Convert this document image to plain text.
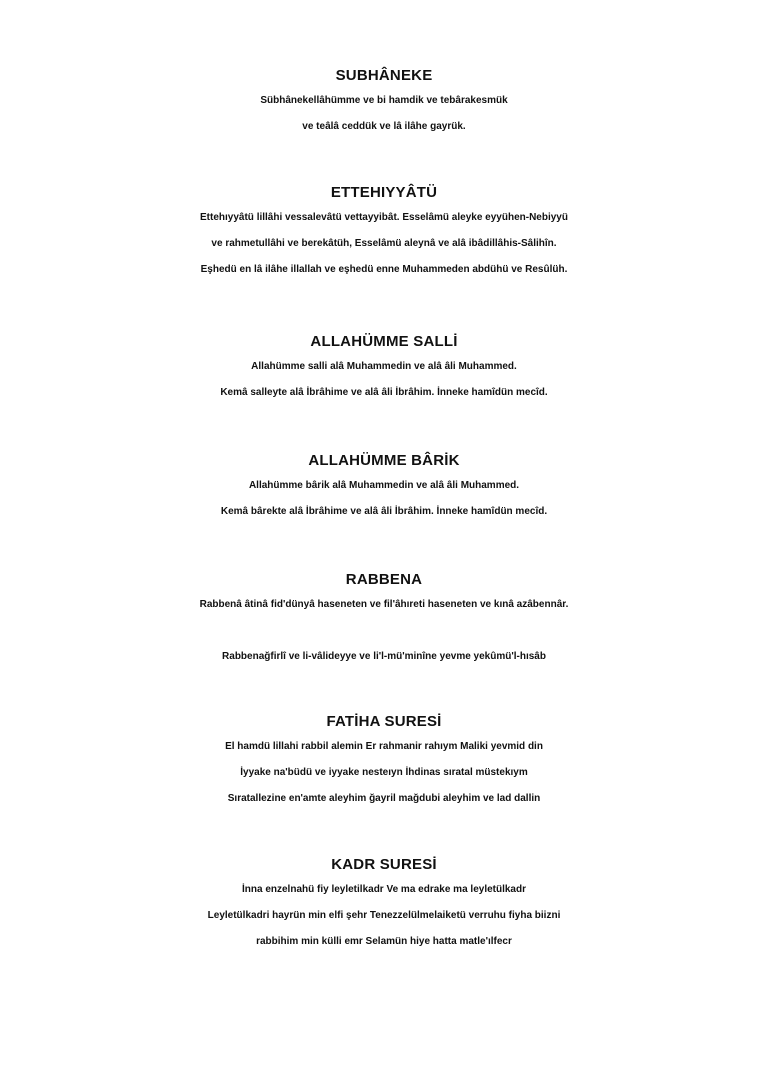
SUBHÂNEKE
Sübhânekellâhümme ve bi hamdik ve tebârakesmük
ve teâlâ ceddük ve lâ ilâhe gayrük.
ETTEHIYYÂTÜ
Ettehıyyâtü lillâhi vessalevâtü vettayyibât. Esselâmü aleyke eyyühen-Nebiyyü
ve rahmetullâhi ve berekâtüh, Esselâmü aleynâ ve alâ ibâdillâhis-Sâlihîn.
Eşhedü en lâ ilâhe illallah ve eşhedü enne Muhammeden abdühü ve Resûlüh.
ALLAHÜMME SALLİ
Allahümme salli alâ Muhammedin ve alâ âli Muhammed.
Kemâ salleyte alâ İbrâhime ve alâ âli İbrâhim. İnneke hamîdün mecîd.
ALLAHÜMME BÂRİK
Allahümme bârik alâ Muhammedin ve alâ âli Muhammed.
Kemâ bârekte alâ İbrâhime ve alâ âli İbrâhim. İnneke hamîdün mecîd.
RABBENA
Rabbenâ âtinâ fid'dünyâ haseneten ve fil'âhıreti haseneten ve kınâ azâbennâr.
Rabbenağfirlî ve li-vâlideyye ve li'l-mü'minîne yevme yekûmü'l-hısâb
FATİHA SURESİ
El hamdü lillahi rabbil alemin Er rahmanir rahıym Maliki yevmid din
İyyake na'büdü ve iyyake nesteıyn İhdinas sıratal müstekıym
Sıratallezine en'amte aleyhim ğayril mağdubi aleyhim ve lad dallin
KADR SURESİ
İnna enzelnahü fiy leyletilkadr Ve ma edrake ma leyletülkadr
Leyletülkadri hayrün min elfi şehr Tenezzelülmelaiketü verruhu fiyha biizni
rabbihim min külli emr Selamün hiye hatta matle'ılfecr
